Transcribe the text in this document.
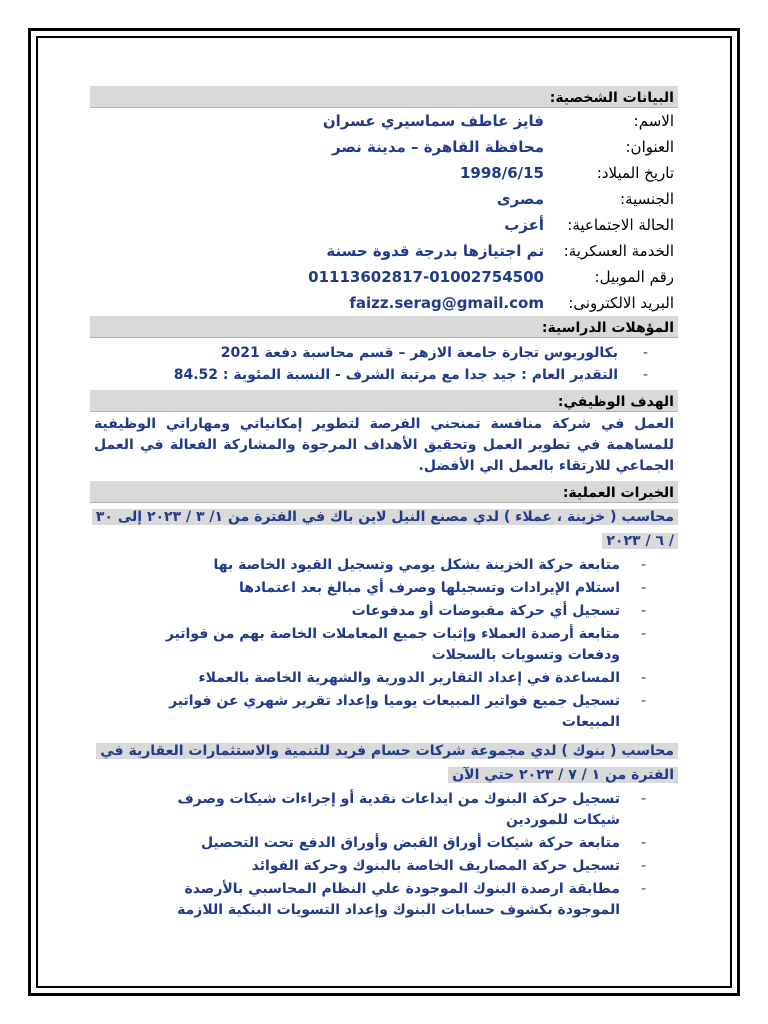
البيانات الشخصية:
الاسم:
فايز عاطف سماسيري عسران
العنوان:
محافظة القاهرة – مدينة نصر
تاريخ الميلاد:
1998/6/15
الجنسية:
مصرى
الحالة الاجتماعية:
أعزب
الخدمة العسكرية:
تم اجتيازها بدرجة قدوة حسنة
رقم الموبيل:
01113602817-01002754500
البريد الالكترونى:
faizz.serag@gmail.com
المؤهلات الدراسية:
- بكالوريوس تجارة جامعة الازهر – قسم محاسبة دفعة 2021
- التقدير العام : جيد جدا مع مرتبة الشرف - النسبة المئوية : 84.52
الهدف الوظيفي:
العمل في شركة منافسة تمنحني الفرصة لتطوير إمكانياتي ومهاراتي الوظيفية للمساهمة في تطوير العمل وتحقيق الأهداف المرجوة والمشاركة الفعالة في العمل الجماعي للارتقاء بالعمل الي الأفضل.
الخبرات العملية:
محاسب ( خزينة ، عملاء ) لدي مصنع النيل لاين باك في الفترة من ١/ ٣ / ٢٠٢٣ إلى ٣٠ / ٦ / ٢٠٢٣
- متابعة حركة الخزينة بشكل يومي وتسجيل القيود الخاصة بها
- استلام الإيرادات وتسجيلها وصرف أي مبالغ بعد اعتمادها
- تسجيل أي حركة مقبوضات أو مدفوعات
- متابعة أرصدة العملاء وإثبات جميع المعاملات الخاصة بهم من فواتير ودفعات وتسويات بالسجلات
- المساعدة في إعداد التقارير الدورية والشهرية الخاصة بالعملاء
- تسجيل جميع فواتير المبيعات يوميا وإعداد تقرير شهري عن فواتير المبيعات
محاسب ( بنوك ) لدي مجموعة شركات حسام فريد للتنمية والاستثمارات العقارية في الفترة من ١ / ٧ / ٢٠٢٣ حتي الآن
- تسجيل حركة البنوك من ايداعات نقدية أو إجراءات شيكات وصرف شيكات للموردين
- متابعة حركة شيكات أوراق القبض وأوراق الدفع تحت التحصيل
- تسجيل حركة المصاريف الخاصة بالبنوك وحركة الفوائد
- مطابقة ارصدة البنوك الموجودة علي النظام المحاسبي بالأرصدة الموجودة بكشوف حسابات البنوك وإعداد التسويات البنكية اللازمة
